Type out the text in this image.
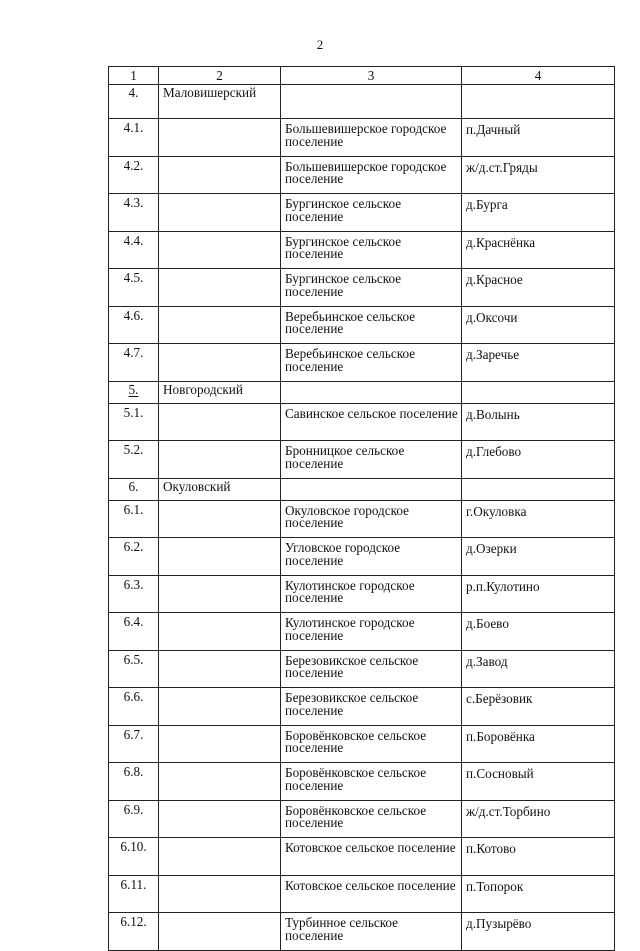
2
1	2	3	4
4.	Маловишерский		
4.1.		Большевишерское городское поселение	п.Дачный
4.2.		Большевишерское городское поселение	ж/д.ст.Гряды
4.3.		Бургинское сельское поселение	д.Бурга
4.4.		Бургинское сельское поселение	д.Краснёнка
4.5.		Бургинское сельское поселение	д.Красное
4.6.		Веребьинское сельское поселение	д.Оксочи
4.7.		Веребьинское сельское поселение	д.Заречье
5.	Новгородский		
5.1.		Савинское сельское поселение	д.Волынь
5.2.		Бронницкое сельское поселение	д.Глебово
6.	Окуловский		
6.1.		Окуловское городское поселение	г.Окуловка
6.2.		Угловское городское поселение	д.Озерки
6.3.		Кулотинское городское поселение	р.п.Кулотино
6.4.		Кулотинское городское поселение	д.Боево
6.5.		Березовикское сельское поселение	д.Завод
6.6.		Березовикское сельское поселение	с.Берёзовик
6.7.		Боровёнковское сельское поселение	п.Боровёнка
6.8.		Боровёнковское сельское поселение	п.Сосновый
6.9.		Боровёнковское сельское поселение	ж/д.ст.Торбино
6.10.		Котовское сельское поселение	п.Котово
6.11.		Котовское сельское поселение	п.Топорок
6.12.		Турбинное сельское поселение	д.Пузырёво
